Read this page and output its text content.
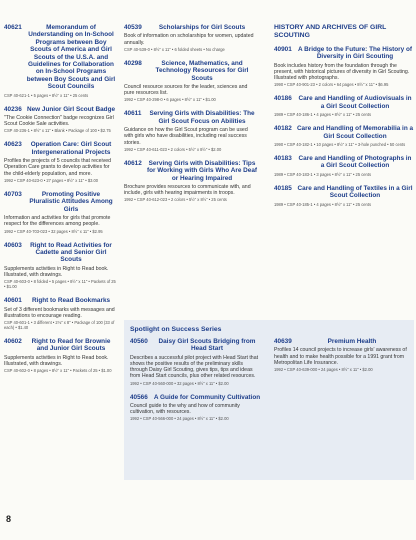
40621	Memorandum of Understanding on In-School Programs between Boy Scouts of America and Girl Scouts of the U.S.A. and Guidelines for Collaboration on In-School Programs between Boy Scouts and Girl Scout Councils
CSP 40-621-1 • 5 pages • 8½" x 11" • 25 cents
40236 New Junior Girl Scout Badge
"The Cookie Connection" badge recognizes Girl Scout Cookie Sale activities.
CSP 40-236-1 • 8½" x 11" • Blank • Package of 100 • $2.75
40623	Operation Care: Girl Scout Intergenerational Projects
Profiles the projects of 5 councils that received Operation Care grants to develop activities for the child-elderly population, and more.
1992 • CSP 40-623-0 • 27 pages • 8½" x 11" • $3.00
40703	Promoting Positive Pluralistic Attitudes Among Girls
Information and activities for girls that promote respect for the differences among people.
1992 • CSP 40-703-023 • 32 pages • 8½" x 11" • $2.95
40603	Right to Read Activities for Cadette and Senior Girl Scouts
Supplements activities in Right to Read book. Illustrated, with drawings.
CSP 40-603-0 • 8 folded • 5 pages • 8½" x 11" • Packets of 25 • $1.00
40601	Right to Read Bookmarks
Set of 3 different bookmarks with messages and illustrations to encourage reading.
CSP 40-601-1 • 3 different • 2⅛" x 8" • Package of 100 (33 of each) • $1.40
40602	Right to Read for Brownie and Junior Girl Scouts
Supplements activities in Right to Read book. Illustrated, with drawings.
CSP 40-602-0 • 8 pages • 8½" x 11" • Packets of 25 • $1.00
40539	Scholarships for Girl Scouts
Book of information on scholarships for women, updated annually.
CSP 40-539-0 • 8½" x 11" • 6 folded sheets • No charge
40298	Science, Mathematics, and Technology Resources for Girl Scouts
Council resource sources for the leader, sciences and pure resources list.
1992 • CSP 40-298-0 • 6 pages • 8½" x 11" • $1.00
40611	Serving Girls with Disabilities: The Girl Scout Focus on Abilities
Guidance on how the Girl Scout program can be used with girls who have disabilities, including real success stories.
1992 • CSP 40-611-023 • 2 colors • 5½" x 8½" • $2.00
40612	Serving Girls with Disabilities: Tips for Working with Girls Who Are Deaf or Hearing Impaired
Brochure provides resources to communicate with, and include, girls with hearing impairments in troops.
1992 • CSP 40-612-023 • 2 colors • 5½" x 8½" • 25 cents
HISTORY AND ARCHIVES OF GIRL SCOUTING
40901 A Bridge to the Future: The History of Diversity in Girl Scouting
Book includes history from the foundation through the present, with historical pictures of diversity in Girl Scouting. Illustrated with photographs.
1990 • CSP 40-901-23 • 2 colors • 64 pages • 8½" x 11" • $6.95
40186	Care and Handling of Audiovisuals in a Girl Scout Collection
1989 • CSP 40-186-1 • 4 pages • 8½" x 11" • 25 cents
40182 Care and Handling of Memorabilia in a Girl Scout Collection
1990 • CSP 40-182-1 • 10 pages • 8½" x 11" • 3-hole punched • 50 cents
40183	Care and Handling of Photographs in a Girl Scout Collection
1989 • CSP 40-183-1 • 3 pages • 8½" x 11" • 25 cents
40185 Care and Handling of Textiles in a Girl Scout Collection
1989 • CSP 40-185-1 • 4 pages • 8½" x 11" • 25 cents
Spotlight on Success Series
40560	Daisy Girl Scouts Bridging from Head Start
Describes a successful pilot project with Head Start that shows the positive results of the preliminary skills through Daisy Girl Scouting, gives tips, tips and ideas from Head Start councils, plus other related resources.
1992 • CSP 40-560-000 • 32 pages • 8½" x 11" • $2.00
40566 A Guide for Community Cultivation
Council guide to the why and how of community cultivation, with resources.
1992 • CSP 40-566-000 • 24 pages • 8½" x 11" • $2.00
40639	Premium Health
Profiles 14 council projects to increase girls' awareness of health and to make health possible for a 1991 grant from Metropolitan Life Insurance.
1992 • CSP 40-639-000 • 24 pages • 8½" x 11" • $2.00
8
